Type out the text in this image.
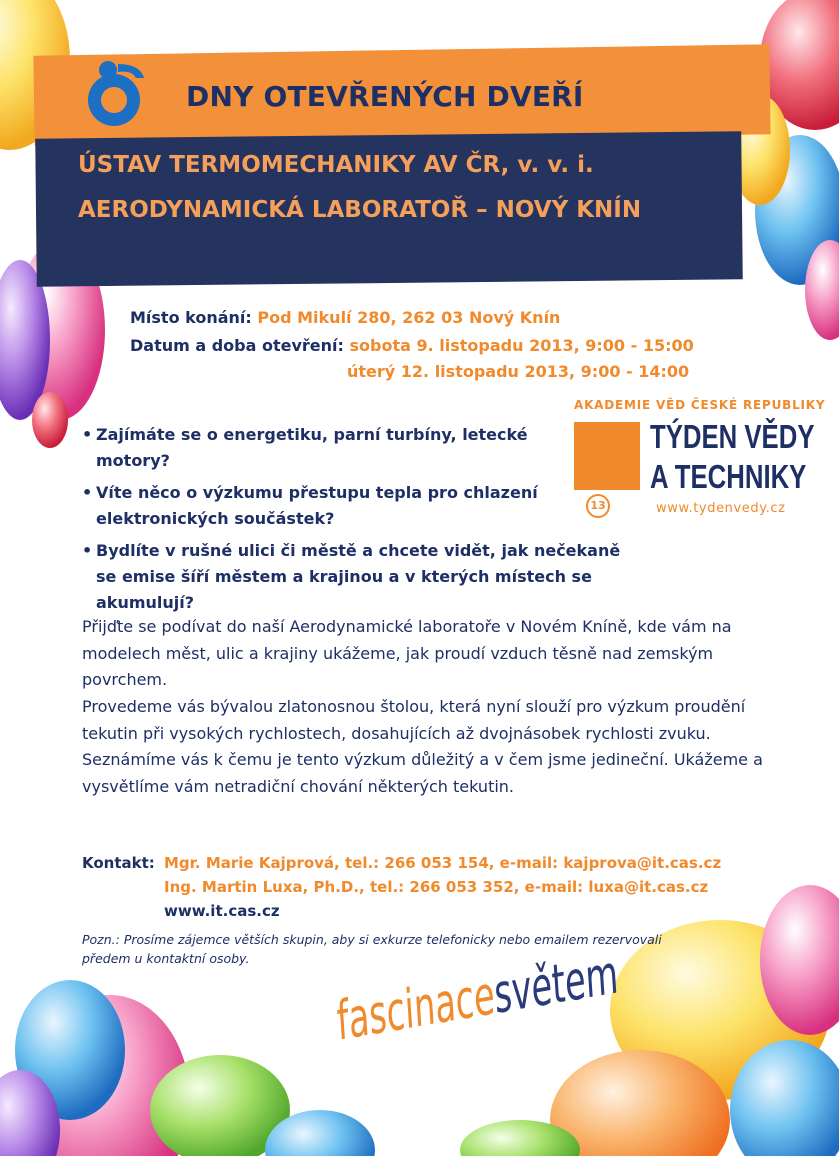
DNY OTEVŘENÝCH DVEŘÍ
ÚSTAV TERMOMECHANIKY AV ČR, v. v. i.
AERODYNAMICKÁ LABORATOŘ – NOVÝ KNÍN
Místo konání: Pod Mikulí 280, 262 03 Nový Knín
Datum a doba otevření: sobota 9. listopadu 2013, 9:00 - 15:00
úterý 12. listopadu 2013, 9:00 - 14:00
AKADEMIE VĚD ČESKÉ REPUBLIKY
TÝDEN VĚDY
A TECHNIKY
13	www.tydenvedy.cz
• Zajímáte se o energetiku, parní turbíny, letecké motory?
• Víte něco o výzkumu přestupu tepla pro chlazení elektronických součástek?
• Bydlíte v rušné ulici či městě a chcete vidět, jak nečekaně se emise šíří městem a krajinou a v kterých místech se akumulují?
Přijďte se podívat do naší Aerodynamické laboratoře v Novém Kníně, kde vám na modelech měst, ulic a krajiny ukážeme, jak proudí vzduch těsně nad zemským povrchem.
Provedeme vás bývalou zlatonosnou štolou, která nyní slouží pro výzkum proudění tekutin při vysokých rychlostech, dosahujících až dvojnásobek rychlosti zvuku. Seznámíme vás k čemu je tento výzkum důležitý a v čem jsme jedineční. Ukážeme a vysvětlíme vám netradiční chování některých tekutin.
Kontakt: Mgr. Marie Kajprová, tel.: 266 053 154, e-mail: kajprova@it.cas.cz
Ing. Martin Luxa, Ph.D., tel.: 266 053 352, e-mail: luxa@it.cas.cz
www.it.cas.cz
Pozn.: Prosíme zájemce větších skupin, aby si exkurze telefonicky nebo emailem rezervovali předem u kontaktní osoby.
fascinacesvětem
